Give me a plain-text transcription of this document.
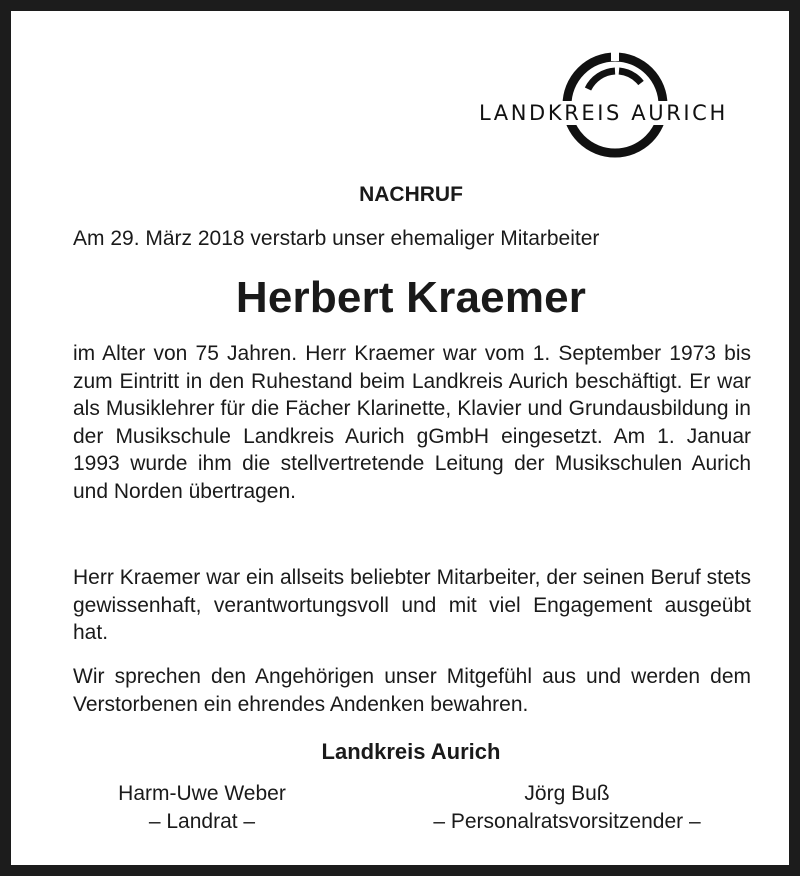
LANDKREIS AURICH
NACHRUF
Am 29. März 2018 verstarb unser ehemaliger Mitarbeiter
Herbert Kraemer

im Alter von 75 Jahren. Herr Kraemer war vom 1. September 1973 bis zum Eintritt in den Ruhestand beim Landkreis Aurich beschäftigt. Er war als Musiklehrer für die Fächer Klarinette, Klavier und Grundausbildung in der Musikschule Landkreis Aurich gGmbH eingesetzt. Am 1. Januar 1993 wurde ihm die stellvertretende Leitung der Musikschulen Aurich und Norden übertragen.

Herr Kraemer war ein allseits beliebter Mitarbeiter, der seinen Beruf stets gewissenhaft, verantwortungsvoll und mit viel Engagement ausgeübt hat.

Wir sprechen den Angehörigen unser Mitgefühl aus und werden dem Verstorbenen ein ehrendes Andenken bewahren.

Landkreis Aurich
Harm-Uwe Weber
– Landrat –
Jörg Buß
– Personalratsvorsitzender –
